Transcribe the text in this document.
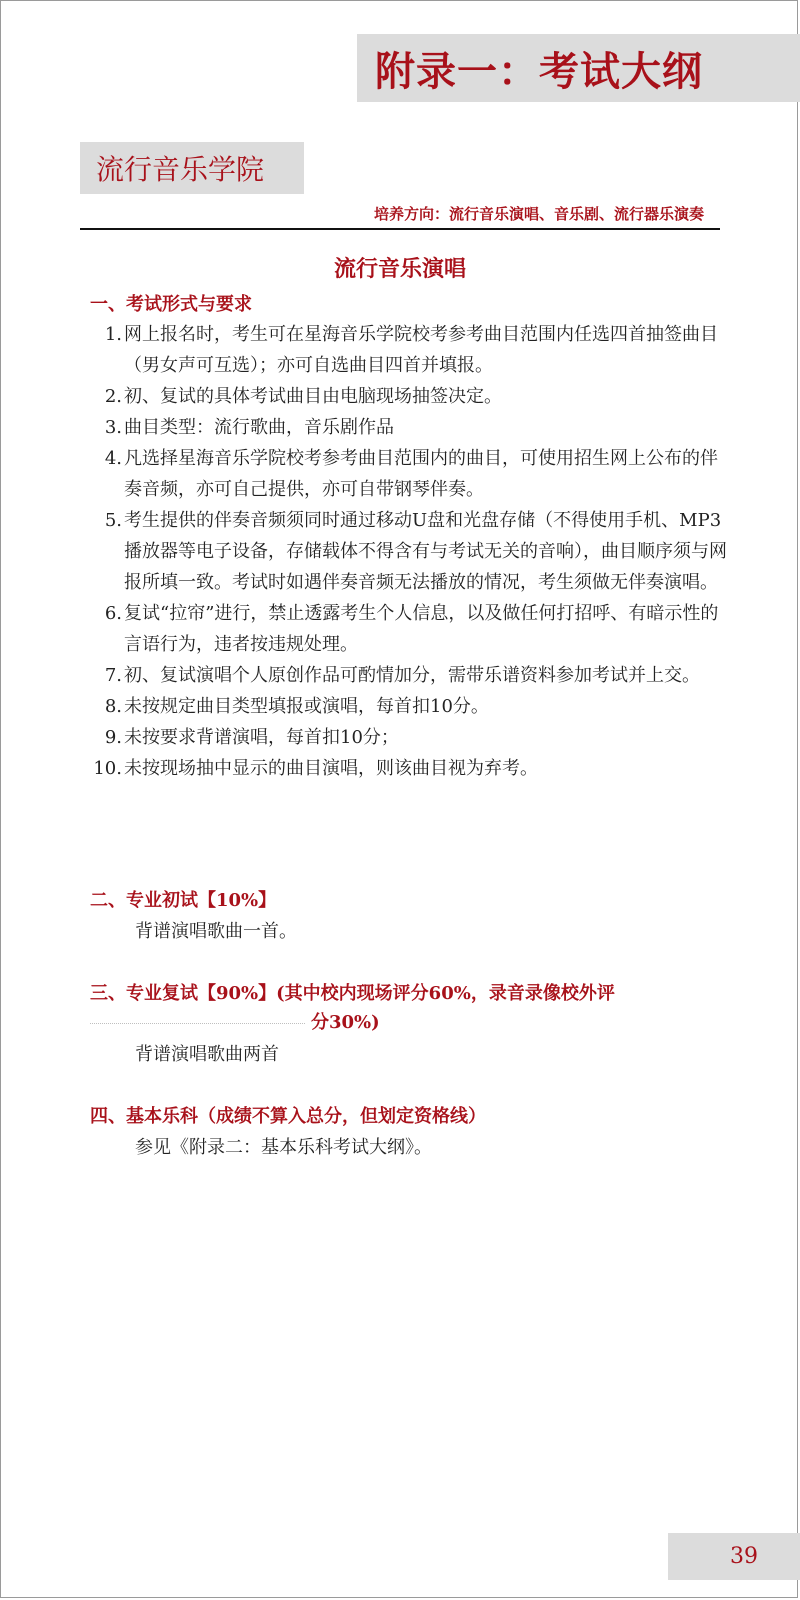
附录一：考试大纲
流行音乐学院
培养方向：流行音乐演唱、音乐剧、流行器乐演奏
流行音乐演唱
一、考试形式与要求
1. 网上报名时，考生可在星海音乐学院校考参考曲目范围内任选四首抽签曲目（男女声可互选）；亦可自选曲目四首并填报。
2. 初、复试的具体考试曲目由电脑现场抽签决定。
3. 曲目类型：流行歌曲，音乐剧作品
4. 凡选择星海音乐学院校考参考曲目范围内的曲目，可使用招生网上公布的伴奏音频，亦可自己提供，亦可自带钢琴伴奏。
5. 考生提供的伴奏音频须同时通过移动U盘和光盘存储（不得使用手机、MP3播放器等电子设备，存储载体不得含有与考试无关的音响），曲目顺序须与网报所填一致。考试时如遇伴奏音频无法播放的情况，考生须做无伴奏演唱。
6. 复试“拉帘”进行，禁止透露考生个人信息，以及做任何打招呼、有暗示性的言语行为，违者按违规处理。
7. 初、复试演唱个人原创作品可酌情加分，需带乐谱资料参加考试并上交。
8. 未按规定曲目类型填报或演唱，每首扣10分。
9. 未按要求背谱演唱，每首扣10分；
10. 未按现场抽中显示的曲目演唱，则该曲目视为弃考。
二、专业初试【10%】
背谱演唱歌曲一首。
三、专业复试【90%】(其中校内现场评分60%，录音录像校外评
分30%)
背谱演唱歌曲两首
四、基本乐科（成绩不算入总分，但划定资格线）
参见《附录二：基本乐科考试大纲》。
39
